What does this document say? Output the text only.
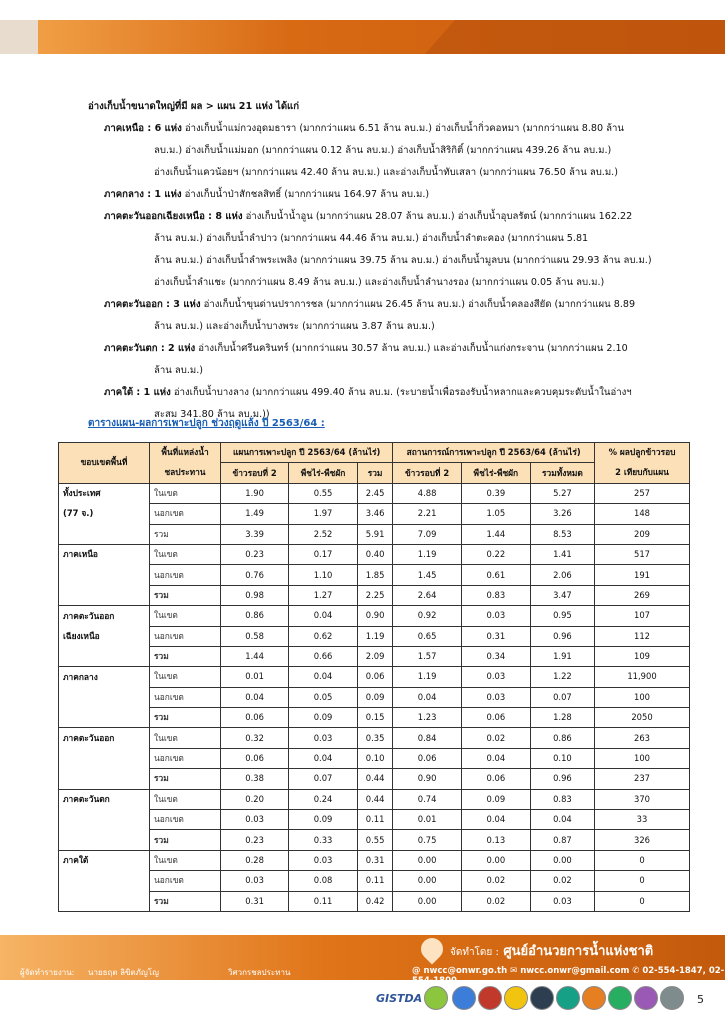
อ่างเก็บน้ำขนาดใหญ่ที่มี ผล > แผน 21 แห่ง ได้แก่
ภาคเหนือ : 6 แห่ง อ่างเก็บน้ำแม่กวงอุดมธารา (มากกว่าแผน 6.51 ล้าน ลบ.ม.) อ่างเก็บน้ำกิ่วคอหมา (มากกว่าแผน 8.80 ล้าน
ลบ.ม.) อ่างเก็บน้ำแม่มอก (มากกว่าแผน 0.12 ล้าน ลบ.ม.) อ่างเก็บน้ำสิริกิติ์ (มากกว่าแผน 439.26 ล้าน ลบ.ม.)
อ่างเก็บน้ำแควน้อยฯ (มากกว่าแผน 42.40 ล้าน ลบ.ม.) และอ่างเก็บน้ำทับเสลา (มากกว่าแผน 76.50 ล้าน ลบ.ม.)
ภาคกลาง : 1 แห่ง อ่างเก็บน้ำป่าสักชลสิทธิ์ (มากกว่าแผน 164.97 ล้าน ลบ.ม.)
ภาคตะวันออกเฉียงเหนือ : 8 แห่ง อ่างเก็บน้ำน้ำอูน (มากกว่าแผน 28.07 ล้าน ลบ.ม.) อ่างเก็บน้ำอุบลรัตน์ (มากกว่าแผน 162.22
ล้าน ลบ.ม.) อ่างเก็บน้ำลำปาว (มากกว่าแผน 44.46 ล้าน ลบ.ม.) อ่างเก็บน้ำลำตะคอง (มากกว่าแผน 5.81
ล้าน ลบ.ม.) อ่างเก็บน้ำลำพระเพลิง (มากกว่าแผน 39.75 ล้าน ลบ.ม.) อ่างเก็บน้ำมูลบน (มากกว่าแผน 29.93 ล้าน ลบ.ม.)
อ่างเก็บน้ำลำแชะ (มากกว่าแผน 8.49 ล้าน ลบ.ม.) และอ่างเก็บน้ำลำนางรอง (มากกว่าแผน 0.05 ล้าน ลบ.ม.)
ภาคตะวันออก : 3 แห่ง อ่างเก็บน้ำขุนด่านปราการชล (มากกว่าแผน 26.45 ล้าน ลบ.ม.) อ่างเก็บน้ำคลองสียัด (มากกว่าแผน 8.89
ล้าน ลบ.ม.) และอ่างเก็บน้ำบางพระ (มากกว่าแผน 3.87 ล้าน ลบ.ม.)
ภาคตะวันตก : 2 แห่ง อ่างเก็บน้ำศรีนครินทร์ (มากกว่าแผน 30.57 ล้าน ลบ.ม.) และอ่างเก็บน้ำแก่งกระจาน (มากกว่าแผน 2.10
ล้าน ลบ.ม.)
ภาคใต้ : 1 แห่ง อ่างเก็บน้ำบางลาง (มากกว่าแผน 499.40 ล้าน ลบ.ม. (ระบายน้ำเพื่อรองรับน้ำหลากและควบคุมระดับน้ำในอ่างฯ
สะสม 341.80 ล้าน ลบ.ม.))
ตารางแผน-ผลการเพาะปลูก ช่วงฤดูแล้ง ปี 2563/64 :
ขอบเขตพื้นที่	พื้นที่แหล่งน้ำ	แผนการเพาะปลูก ปี 2563/64 (ล้านไร่)			สถานการณ์การเพาะปลูก ปี 2563/64 (ล้านไร่)			% ผลปลูกข้าวรอบ
	ชลประทาน	ข้าวรอบที่ 2	พืชไร่-พืชผัก	รวม	ข้าวรอบที่ 2	พืชไร่-พืชผัก	รวมทั้งหมด	2 เทียบกับแผน
ทั้งประเทศ	ในเขต	1.90	0.55	2.45	4.88	0.39	5.27	257
(77 จ.)	นอกเขต	1.49	1.97	3.46	2.21	1.05	3.26	148
	รวม	3.39	2.52	5.91	7.09	1.44	8.53	209
ภาคเหนือ	ในเขต	0.23	0.17	0.40	1.19	0.22	1.41	517
	นอกเขต	0.76	1.10	1.85	1.45	0.61	2.06	191
	รวม	0.98	1.27	2.25	2.64	0.83	3.47	269
ภาคตะวันออก	ในเขต	0.86	0.04	0.90	0.92	0.03	0.95	107
เฉียงเหนือ	นอกเขต	0.58	0.62	1.19	0.65	0.31	0.96	112
	รวม	1.44	0.66	2.09	1.57	0.34	1.91	109
ภาคกลาง	ในเขต	0.01	0.04	0.06	1.19	0.03	1.22	11,900
	นอกเขต	0.04	0.05	0.09	0.04	0.03	0.07	100
	รวม	0.06	0.09	0.15	1.23	0.06	1.28	2050
ภาคตะวันออก	ในเขต	0.32	0.03	0.35	0.84	0.02	0.86	263
	นอกเขต	0.06	0.04	0.10	0.06	0.04	0.10	100
	รวม	0.38	0.07	0.44	0.90	0.06	0.96	237
ภาคตะวันตก	ในเขต	0.20	0.24	0.44	0.74	0.09	0.83	370
	นอกเขต	0.03	0.09	0.11	0.01	0.04	0.04	33
	รวม	0.23	0.33	0.55	0.75	0.13	0.87	326
ภาคใต้	ในเขต	0.28	0.03	0.31	0.00	0.00	0.00	0
	นอกเขต	0.03	0.08	0.11	0.00	0.02	0.02	0
	รวม	0.31	0.11	0.42	0.00	0.02	0.03	0
จัดทำโดย : ศูนย์อำนวยการน้ำแห่งชาติ
@ nwcc@onwr.go.th ✉ nwcc.onwr@gmail.com ✆ 02-554-1847, 02-554-1800
ผู้จัดทำรายงาน: นายธฤต ลิขิตภัญโญ	วิศวกรชลประทาน
ผู้ตรวจรายงาน: นายธรรมพงศ์ ณาวบุตร	วิศวกรชลประทานชำนาญการพิเศษ
GISTDA	5
